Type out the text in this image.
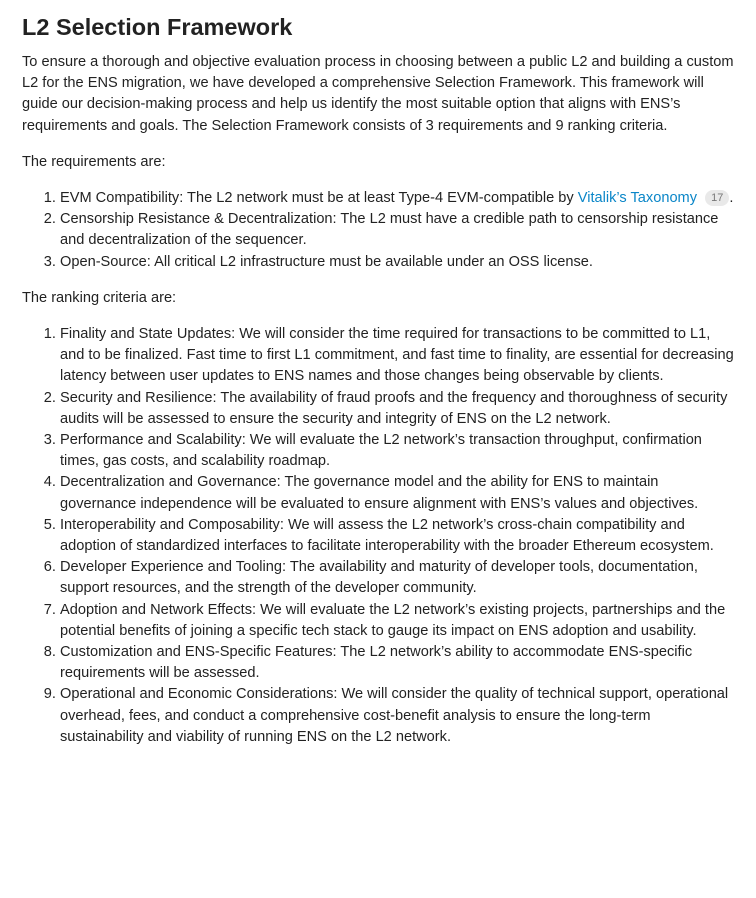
L2 Selection Framework

To ensure a thorough and objective evaluation process in choosing between a public L2 and building a custom L2 for the ENS migration, we have developed a comprehensive Selection Framework. This framework will guide our decision-making process and help us identify the most suitable option that aligns with ENS’s requirements and goals. The Selection Framework consists of 3 requirements and 9 ranking criteria.

The requirements are:

1. EVM Compatibility: The L2 network must be at least Type-4 EVM-compatible by Vitalik’s Taxonomy 17 .
2. Censorship Resistance & Decentralization: The L2 must have a credible path to censorship resistance and decentralization of the sequencer.
3. Open-Source: All critical L2 infrastructure must be available under an OSS license.

The ranking criteria are:

1. Finality and State Updates: We will consider the time required for transactions to be committed to L1, and to be finalized. Fast time to first L1 commitment, and fast time to finality, are essential for decreasing latency between user updates to ENS names and those changes being observable by clients.
2. Security and Resilience: The availability of fraud proofs and the frequency and thoroughness of security audits will be assessed to ensure the security and integrity of ENS on the L2 network.
3. Performance and Scalability: We will evaluate the L2 network’s transaction throughput, confirmation times, gas costs, and scalability roadmap.
4. Decentralization and Governance: The governance model and the ability for ENS to maintain governance independence will be evaluated to ensure alignment with ENS’s values and objectives.
5. Interoperability and Composability: We will assess the L2 network’s cross-chain compatibility and adoption of standardized interfaces to facilitate interoperability with the broader Ethereum ecosystem.
6. Developer Experience and Tooling: The availability and maturity of developer tools, documentation, support resources, and the strength of the developer community.
7. Adoption and Network Effects: We will evaluate the L2 network’s existing projects, partnerships and the potential benefits of joining a specific tech stack to gauge its impact on ENS adoption and usability.
8. Customization and ENS-Specific Features: The L2 network’s ability to accommodate ENS-specific requirements will be assessed.
9. Operational and Economic Considerations: We will consider the quality of technical support, operational overhead, fees, and conduct a comprehensive cost-benefit analysis to ensure the long-term sustainability and viability of running ENS on the L2 network.
